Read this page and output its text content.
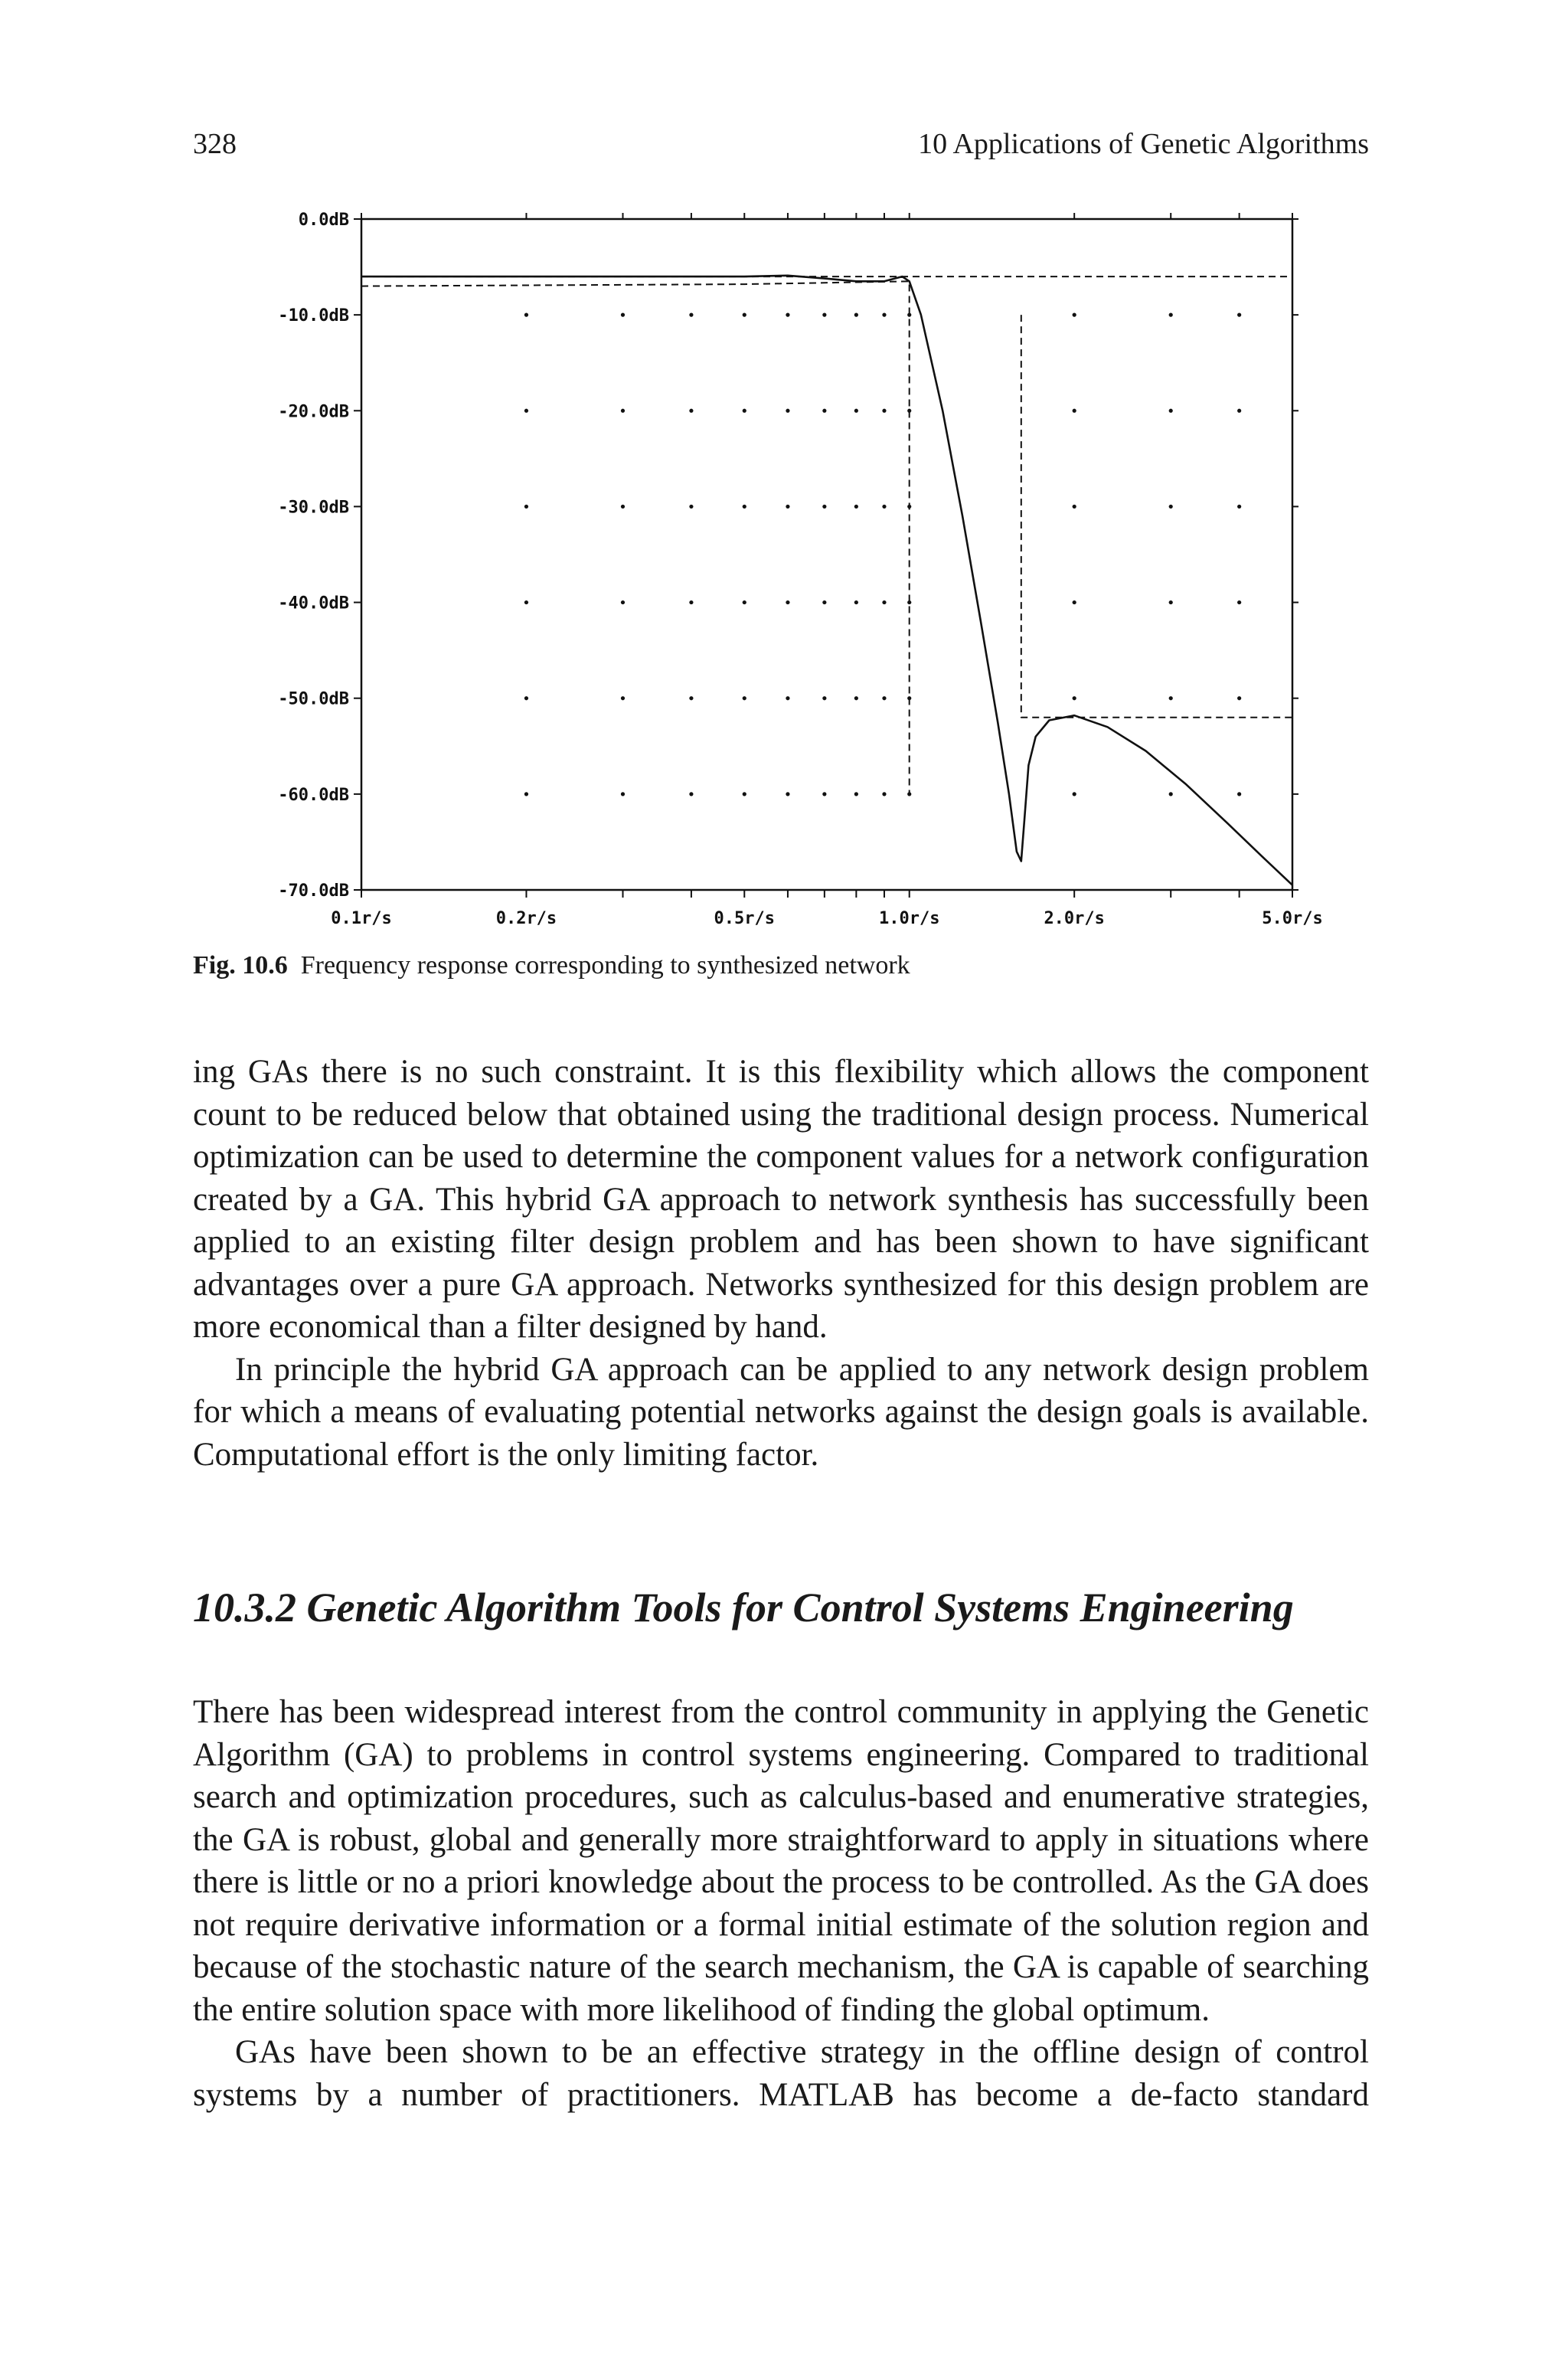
328	10 Applications of Genetic Algorithms
0.0dB
-10.0dB
-20.0dB
-30.0dB
-40.0dB
-50.0dB
-60.0dB
-70.0dB
0.1r/s	0.2r/s	0.5r/s	1.0r/s	2.0r/s	5.0r/s
Fig. 10.6 Frequency response corresponding to synthesized network

ing GAs there is no such constraint. It is this flexibility which allows the component count to be reduced below that obtained using the traditional design process. Numerical optimization can be used to determine the component values for a network configuration created by a GA. This hybrid GA approach to network synthesis has successfully been applied to an existing filter design problem and has been shown to have significant advantages over a pure GA approach. Networks synthesized for this design problem are more economical than a filter designed by hand.

In principle the hybrid GA approach can be applied to any network design problem for which a means of evaluating potential networks against the design goals is available. Computational effort is the only limiting factor.

10.3.2 Genetic Algorithm Tools for Control Systems Engineering

There has been widespread interest from the control community in applying the Genetic Algorithm (GA) to problems in control systems engineering. Compared to traditional search and optimization procedures, such as calculus-based and enumerative strategies, the GA is robust, global and generally more straightforward to apply in situations where there is little or no a priori knowledge about the process to be controlled. As the GA does not require derivative information or a formal initial estimate of the solution region and because of the stochastic nature of the search mechanism, the GA is capable of searching the entire solution space with more likelihood of finding the global optimum.

GAs have been shown to be an effective strategy in the offline design of control systems by a number of practitioners. MATLAB has become a de-facto standard
